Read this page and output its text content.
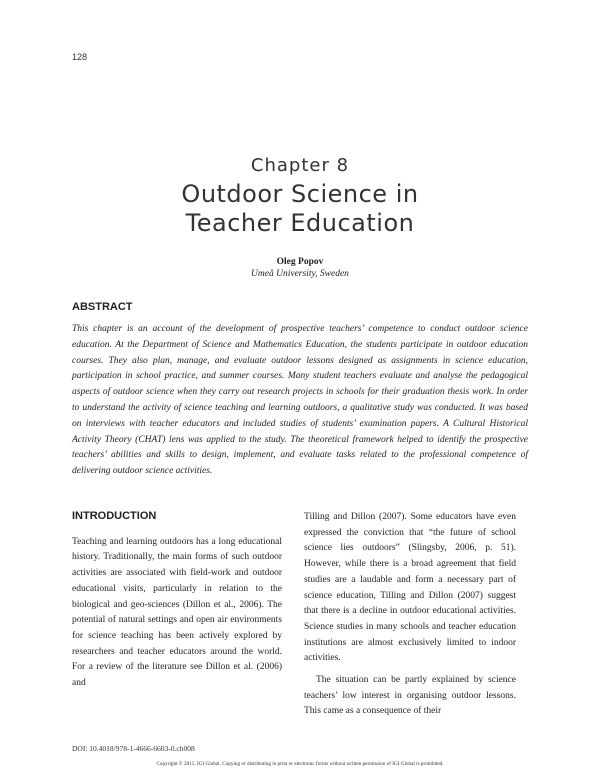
128
Chapter 8
Outdoor Science in
Teacher Education
Oleg Popov
Umeå University, Sweden
ABSTRACT

This chapter is an account of the development of prospective teachers’ competence to conduct outdoor science education. At the Department of Science and Mathematics Education, the students participate in outdoor education courses. They also plan, manage, and evaluate outdoor lessons designed as assignments in science education, participation in school practice, and summer courses. Many student teachers evaluate and analyse the pedagogical aspects of outdoor science when they carry out research projects in schools for their graduation thesis work. In order to understand the activity of science teaching and learning outdoors, a qualitative study was conducted. It was based on interviews with teacher educators and included studies of students’ examination papers. A Cultural Historical Activity Theory (CHAT) lens was applied to the study. The theoretical framework helped to identify the prospective teachers’ abilities and skills to design, implement, and evaluate tasks related to the professional competence of delivering outdoor science activities.

INTRODUCTION

Teaching and learning outdoors has a long educational history. Traditionally, the main forms of such outdoor activities are associated with field-work and outdoor educational visits, particularly in relation to the biological and geo-sciences (Dillon et al., 2006). The potential of natural settings and open air environments for science teaching has been actively explored by researchers and teacher educators around the world. For a review of the literature see Dillon et al. (2006) and

Tilling and Dillon (2007). Some educators have even expressed the conviction that “the future of school science lies outdoors” (Slingsby, 2006, p. 51). However, while there is a broad agreement that field studies are a laudable and form a necessary part of science education, Tilling and Dillon (2007) suggest that there is a decline in outdoor educational activities. Science studies in many schools and teacher education institutions are almost exclusively limited to indoor activities.

The situation can be partly explained by science teachers’ low interest in organising outdoor lessons. This came as a consequence of their

DOI: 10.4018/978-1-4666-6603-0.ch008
Copyright © 2015, IGI Global. Copying or distributing in print or electronic forms without written permission of IGI Global is prohibited.
